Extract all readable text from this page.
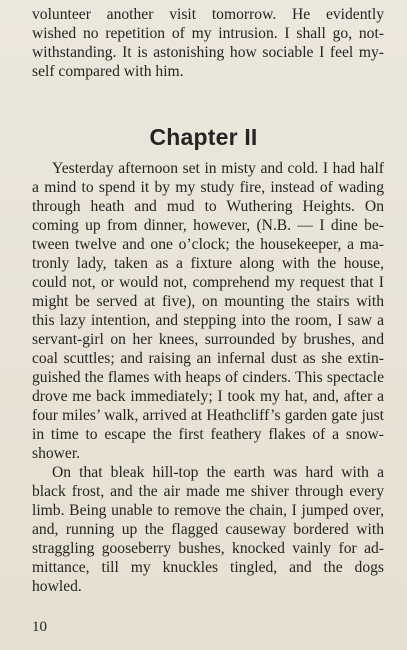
volunteer another visit tomorrow. He evidently
wished no repetition of my intrusion. I shall go, not-
withstanding. It is astonishing how sociable I feel my-
self compared with him.
Chapter II
Yesterday afternoon set in misty and cold. I had half
a mind to spend it by my study fire, instead of wading
through heath and mud to Wuthering Heights. On
coming up from dinner, however, (N.B. — I dine be-
tween twelve and one o’clock; the housekeeper, a ma-
tronly lady, taken as a fixture along with the house,
could not, or would not, comprehend my request that I
might be served at five), on mounting the stairs with
this lazy intention, and stepping into the room, I saw a
servant-girl on her knees, surrounded by brushes, and
coal scuttles; and raising an infernal dust as she extin-
guished the flames with heaps of cinders. This spectacle
drove me back immediately; I took my hat, and, after a
four miles’ walk, arrived at Heathcliff’s garden gate just
in time to escape the first feathery flakes of a snow-
shower.
On that bleak hill-top the earth was hard with a
black frost, and the air made me shiver through every
limb. Being unable to remove the chain, I jumped over,
and, running up the flagged causeway bordered with
straggling gooseberry bushes, knocked vainly for ad-
mittance, till my knuckles tingled, and the dogs
howled.
10
